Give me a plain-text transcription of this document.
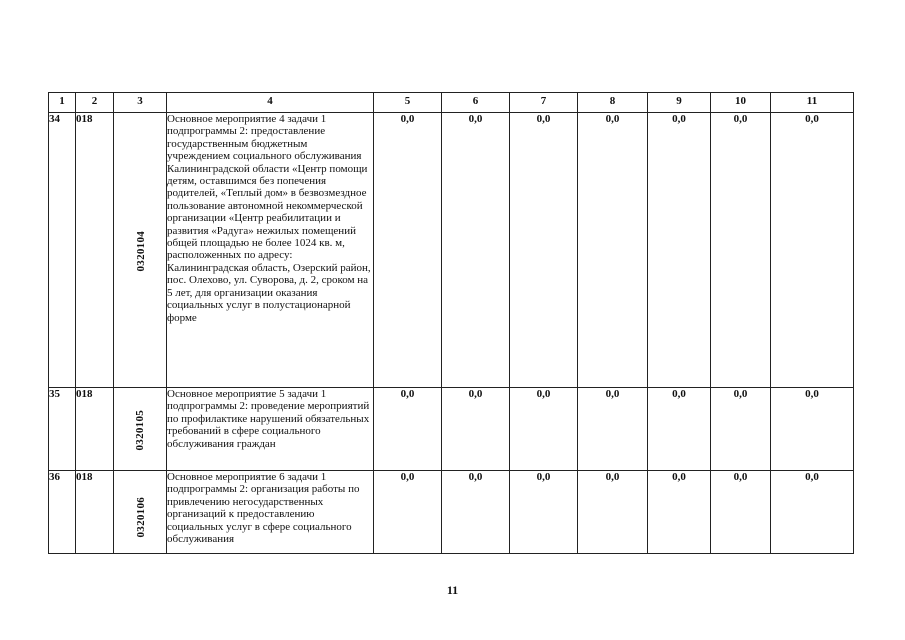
1	2	3	4	5	6	7	8	9	10	11
34	018	0320104	Основное мероприятие 4 задачи 1 подпрограммы 2: предоставление государственным бюджетным учреждением социального обслуживания Калининградской области «Центр помощи детям, оставшимся без попечения родителей, «Теплый дом» в безвозмездное пользование автономной некоммерческой организации «Центр реабилитации и развития «Радуга» нежилых помещений общей площадью не более 1024 кв. м, расположенных по адресу: Калининградская область, Озерский район, пос. Олехово, ул. Суворова, д. 2, сроком на 5 лет, для организации оказания социальных услуг в полустационарной форме	0,0	0,0	0,0	0,0	0,0	0,0	0,0
35	018	0320105	Основное мероприятие 5 задачи 1 подпрограммы 2: проведение мероприятий по профилактике нарушений обязательных требований в сфере социального обслуживания граждан	0,0	0,0	0,0	0,0	0,0	0,0	0,0
36	018	0320106	Основное мероприятие 6 задачи 1 подпрограммы 2: организация работы по привлечению негосударственных организаций к предоставлению социальных услуг в сфере социального обслуживания	0,0	0,0	0,0	0,0	0,0	0,0	0,0
11
